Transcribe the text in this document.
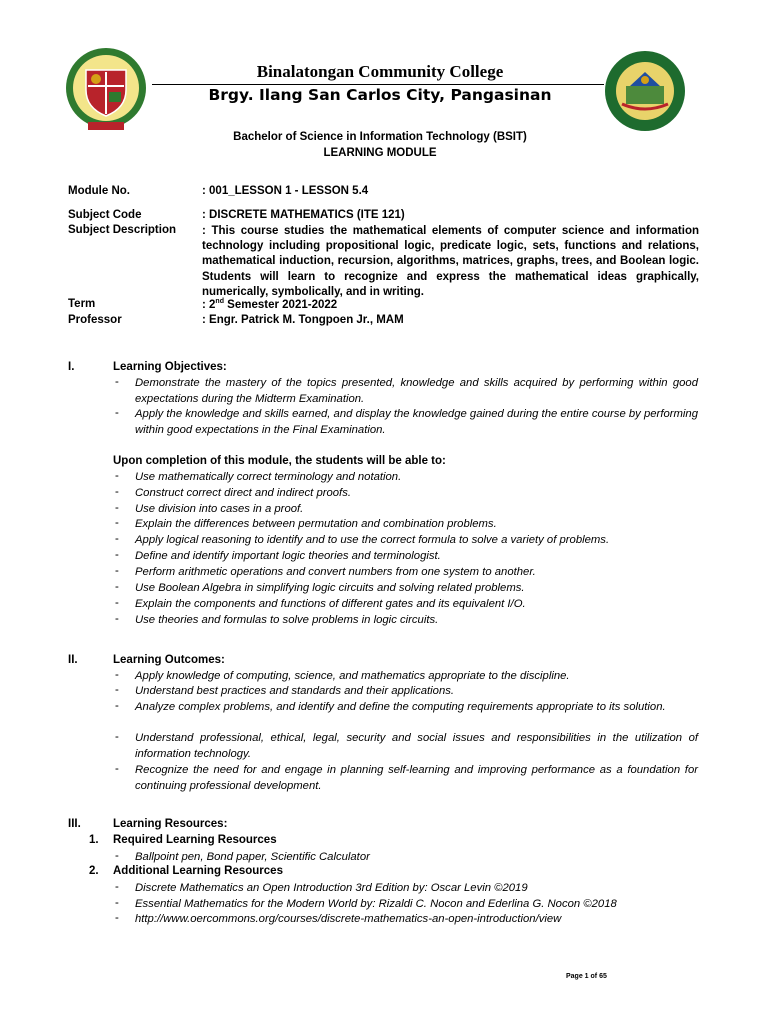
Binalatongan Community College
Brgy. Ilang San Carlos City, Pangasinan
Bachelor of Science in Information Technology (BSIT)
LEARNING MODULE
Module No.	: 001_LESSON 1 - LESSON 5.4
Subject Code	: DISCRETE MATHEMATICS (ITE 121)
Subject Description : This course studies the mathematical elements of computer science and information technology including propositional logic, predicate logic, sets, functions and relations, mathematical induction, recursion, algorithms, matrices, graphs, trees, and Boolean logic. Students will learn to recognize and express the mathematical ideas graphically, numerically, symbolically, and in writing.
Term	: 2nd Semester 2021-2022
Professor	: Engr. Patrick M. Tongpoen Jr., MAM
I.	Learning Objectives:
- Demonstrate the mastery of the topics presented, knowledge and skills acquired by performing within good expectations during the Midterm Examination.
- Apply the knowledge and skills earned, and display the knowledge gained during the entire course by performing within good expectations in the Final Examination.
Upon completion of this module, the students will be able to:
- Use mathematically correct terminology and notation.
- Construct correct direct and indirect proofs.
- Use division into cases in a proof.
- Explain the differences between permutation and combination problems.
- Apply logical reasoning to identify and to use the correct formula to solve a variety of problems.
- Define and identify important logic theories and terminologist.
- Perform arithmetic operations and convert numbers from one system to another.
- Use Boolean Algebra in simplifying logic circuits and solving related problems.
- Explain the components and functions of different gates and its equivalent I/O.
- Use theories and formulas to solve problems in logic circuits.
II.	Learning Outcomes:
- Apply knowledge of computing, science, and mathematics appropriate to the discipline.
- Understand best practices and standards and their applications.
- Analyze complex problems, and identify and define the computing requirements appropriate to its solution.
- Understand professional, ethical, legal, security and social issues and responsibilities in the utilization of information technology.
- Recognize the need for and engage in planning self-learning and improving performance as a foundation for continuing professional development.
III.	Learning Resources:
1. Required Learning Resources
- Ballpoint pen, Bond paper, Scientific Calculator
2. Additional Learning Resources
- Discrete Mathematics an Open Introduction 3rd Edition by: Oscar Levin ©2019
- Essential Mathematics for the Modern World by: Rizaldi C. Nocon and Ederlina G. Nocon ©2018
- http://www.oercommons.org/courses/discrete-mathematics-an-open-introduction/view
Page 1 of 65
